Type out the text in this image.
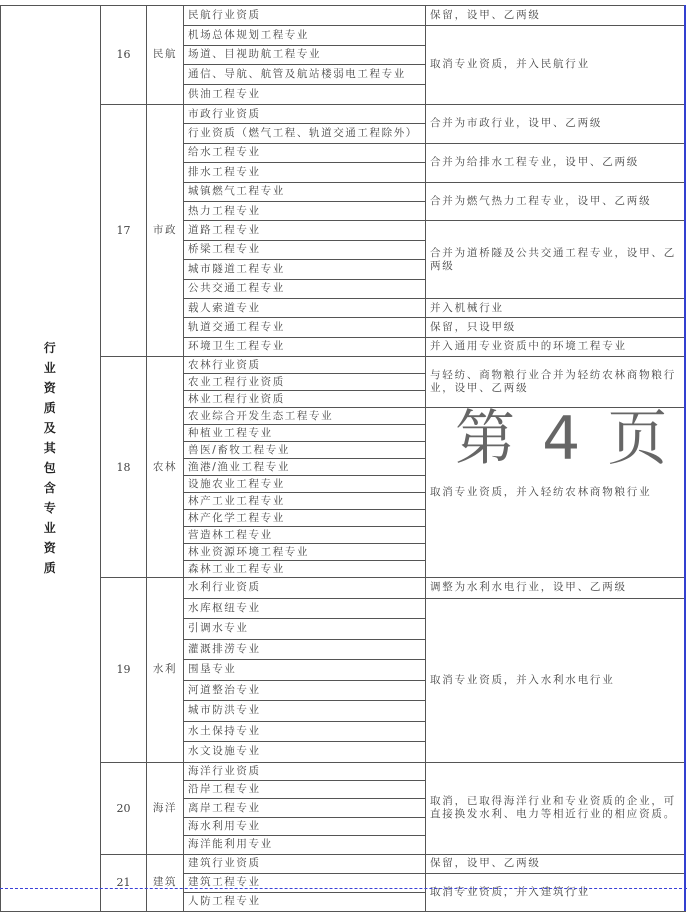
行业资质及其包含专业资质	16	民航	民航行业资质	保留，设甲、乙两级
			机场总体规划工程专业	取消专业资质，并入民航行业
			场道、目视助航工程专业	
			通信、导航、航管及航站楼弱电工程专业	
			供油工程专业	
	17	市政	市政行业资质	合并为市政行业，设甲、乙两级
			行业资质（燃气工程、轨道交通工程除外）	
			给水工程专业	合并为给排水工程专业，设甲、乙两级
			排水工程专业	
			城镇燃气工程专业	合并为燃气热力工程专业，设甲、乙两级
			热力工程专业	
			道路工程专业	合并为道桥隧及公共交通工程专业，设甲、乙两级
			桥梁工程专业	
			城市隧道工程专业	
			公共交通工程专业	
			载人索道专业	并入机械行业
			轨道交通工程专业	保留，只设甲级
			环境卫生工程专业	并入通用专业资质中的环境工程专业
	18	农林	农林行业资质	与轻纺、商物粮行业合并为轻纺农林商物粮行业，设甲、乙两级
			农业工程行业资质	
			林业工程行业资质	
			农业综合开发生态工程专业	取消专业资质，并入轻纺农林商物粮行业
			种植业工程专业	
			兽医/畜牧工程专业	
			渔港/渔业工程专业	
			设施农业工程专业	
			林产工业工程专业	
			林产化学工程专业	
			营造林工程专业	
			林业资源环境工程专业	
			森林工业工程专业	
	19	水利	水利行业资质	调整为水利水电行业，设甲、乙两级
			水库枢纽专业	取消专业资质，并入水利水电行业
			引调水专业	
			灌溉排涝专业	
			围垦专业	
			河道整治专业	
			城市防洪专业	
			水土保持专业	
			水文设施专业	
	20	海洋	海洋行业资质	取消，已取得海洋行业和专业资质的企业，可直接换发水利、电力等相近行业的相应资质。
			沿岸工程专业	
			离岸工程专业	
			海水利用专业	
			海洋能利用专业	
	21	建筑	建筑行业资质	保留，设甲、乙两级
			建筑工程专业	取消专业资质，并入建筑行业
			人防工程专业	
第 4 页
